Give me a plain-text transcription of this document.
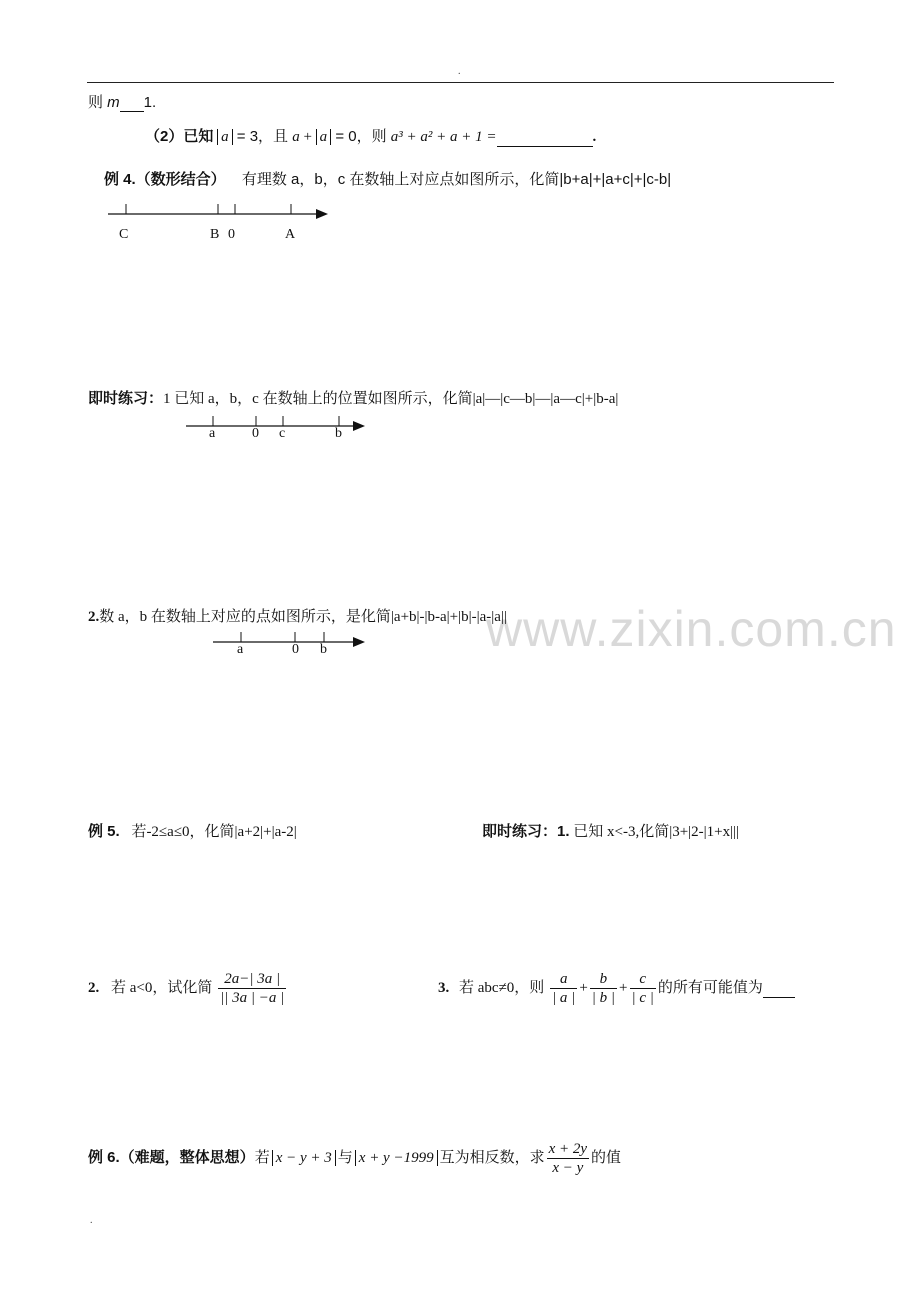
.
www.zixin.com.cn
则 m 1.
（2）已知 a = 3，且 a + a = 0，则 a³ + a² + a + 1 =	.
例 4.（数形结合） 有理数 a，b，c 在数轴上对应点如图所示，化简|b+a|+|a+c|+|c-b|
C	B 0	A
即时练习：1 已知 a，b，c 在数轴上的位置如图所示，化简|a|—|c—b|—|a—c|+|b-a|
a	0 c	b
2.数 a，b 在数轴上对应的点如图所示，是化简|a+b|-|b-a|+|b|-|a-|a||
a	0 b
例 5. 若-2≤a≤0，化简|a+2|+|a-2|	即时练习：1. 已知 x<-3,化简|3+|2-|1+x|||
2. 若 a<0，试化简 $\frac{2a-| 3a |}{|| 3a | -a |}$	3. 若 abc≠0，则 $\frac{a}{| a |} + \frac{b}{| b |} + \frac{c}{| c |}$ 的所有可能值为
例 6.（难题，整体思想）若 x − y + 3 与 x + y −1999 互为相反数，求 $\frac{x + 2y}{x - y}$ 的值
.
